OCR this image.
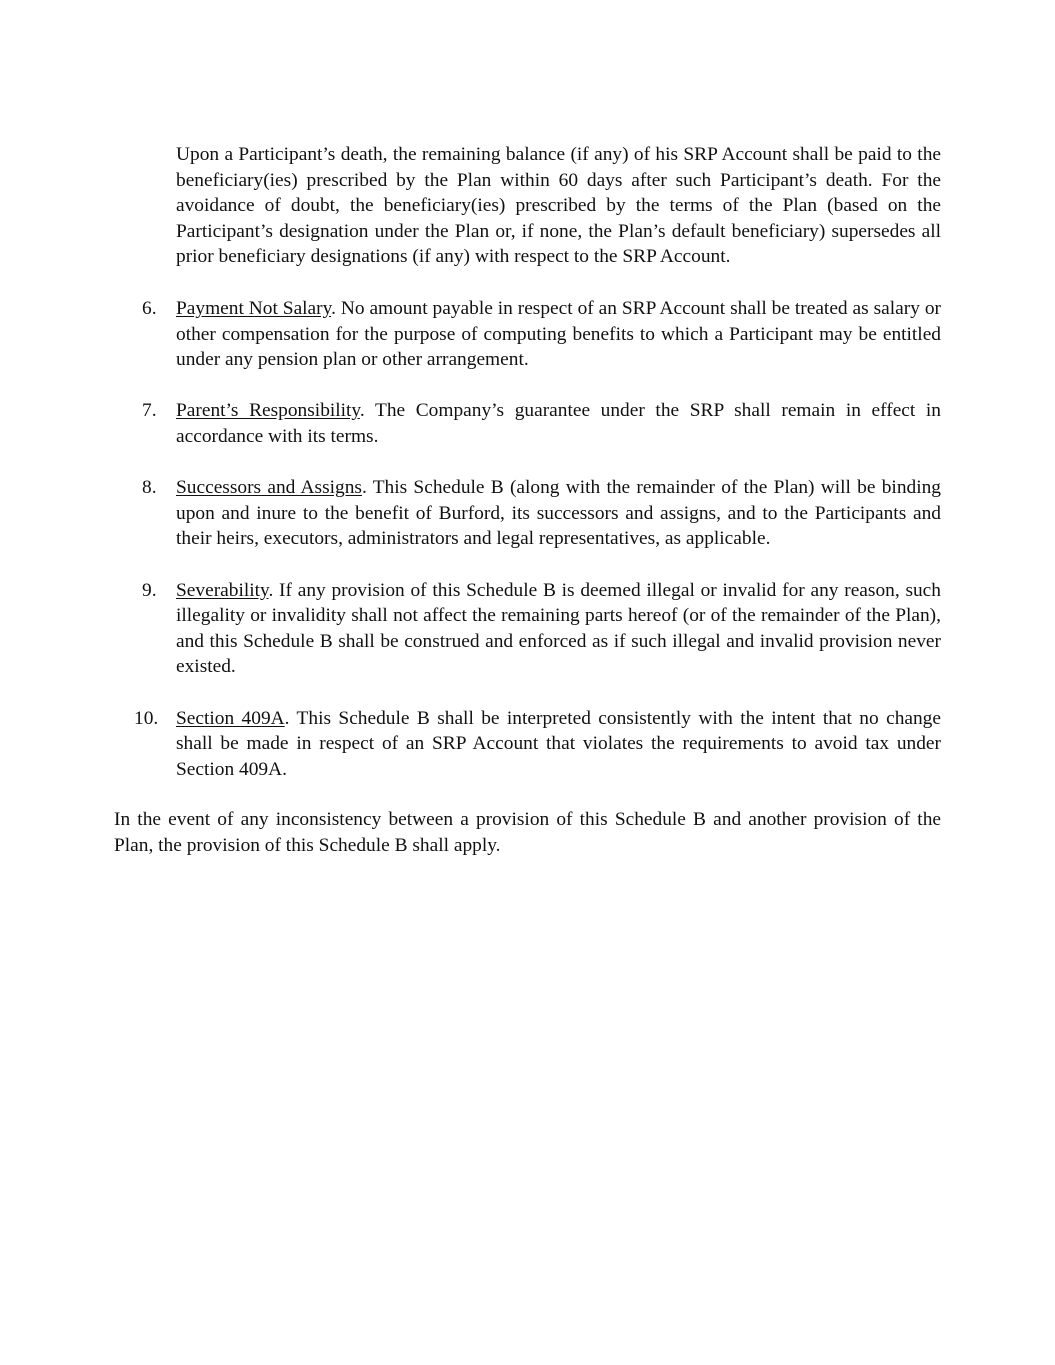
Upon a Participant’s death, the remaining balance (if any) of his SRP Account shall be paid to the beneficiary(ies) prescribed by the Plan within 60 days after such Participant’s death. For the avoidance of doubt, the beneficiary(ies) prescribed by the terms of the Plan (based on the Participant’s designation under the Plan or, if none, the Plan’s default beneficiary) supersedes all prior beneficiary designations (if any) with respect to the SRP Account.

6.	Payment Not Salary. No amount payable in respect of an SRP Account shall be treated as salary or other compensation for the purpose of computing benefits to which a Participant may be entitled under any pension plan or other arrangement.

7.	Parent’s Responsibility. The Company’s guarantee under the SRP shall remain in effect in accordance with its terms.

8.	Successors and Assigns. This Schedule B (along with the remainder of the Plan) will be binding upon and inure to the benefit of Burford, its successors and assigns, and to the Participants and their heirs, executors, administrators and legal representatives, as applicable.

9.	Severability. If any provision of this Schedule B is deemed illegal or invalid for any reason, such illegality or invalidity shall not affect the remaining parts hereof (or of the remainder of the Plan), and this Schedule B shall be construed and enforced as if such illegal and invalid provision never existed.

10. Section 409A. This Schedule B shall be interpreted consistently with the intent that no change shall be made in respect of an SRP Account that violates the requirements to avoid tax under Section 409A.

In the event of any inconsistency between a provision of this Schedule B and another provision of the Plan, the provision of this Schedule B shall apply.
